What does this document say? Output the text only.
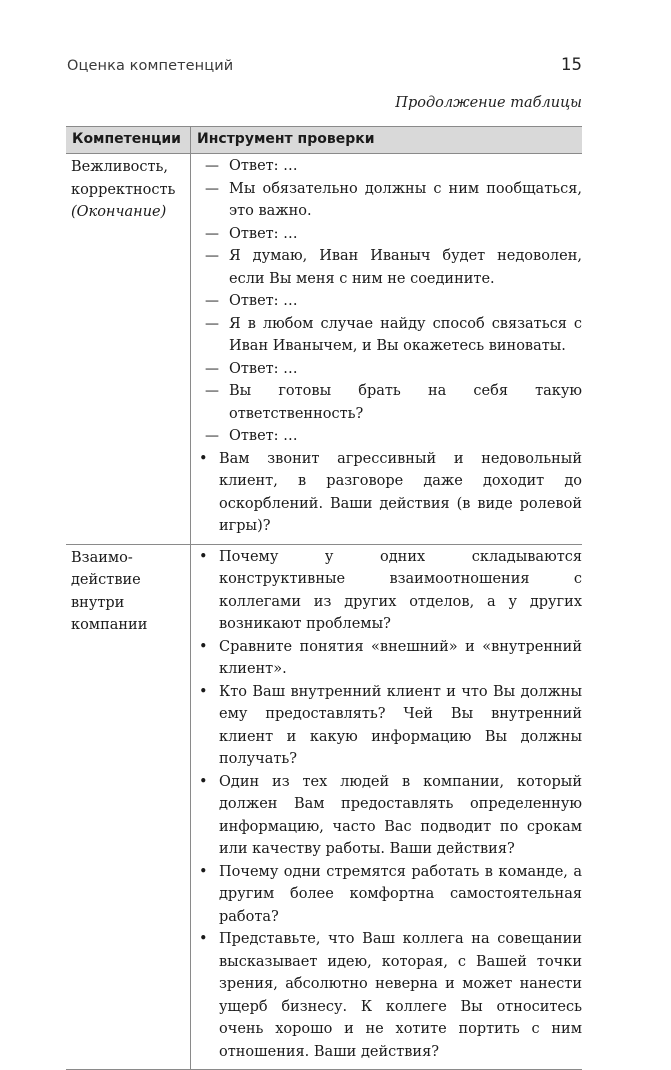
Оценка компетенций	15
Продолжение таблицы
Компетенции	Инструмент проверки
Вежливость,
корректность
(Окончание)
— Ответ: …
— Мы обязательно должны с ним пообщаться, это важно.
— Ответ: …
— Я думаю, Иван Иваныч будет недоволен, если Вы меня с ним не соедините.
— Ответ: …
— Я в любом случае найду способ связаться с Иван Иванычем, и Вы окажетесь виноваты.
— Ответ: …
— Вы готовы брать на себя такую ответственность?
— Ответ: …
• Вам звонит агрессивный и недовольный клиент, в разговоре даже доходит до оскорблений. Ваши действия (в виде ролевой игры)?
Взаимо-
действие
внутри
компании
• Почему у одних складываются конструктивные взаимоотношения с коллегами из других отделов, а у других возникают проблемы?
• Сравните понятия «внешний» и «внутренний клиент».
• Кто Ваш внутренний клиент и что Вы должны ему предоставлять? Чей Вы внутренний клиент и какую информацию Вы должны получать?
• Один из тех людей в компании, который должен Вам предоставлять определенную информацию, часто Вас подводит по срокам или качеству работы. Ваши действия?
• Почему одни стремятся работать в команде, а другим более комфортна самостоятельная работа?
• Представьте, что Ваш коллега на совещании высказывает идею, которая, с Вашей точки зрения, абсолютно неверна и может нанести ущерб бизнесу. К коллеге Вы относитесь очень хорошо и не хотите портить с ним отношения. Ваши действия?
